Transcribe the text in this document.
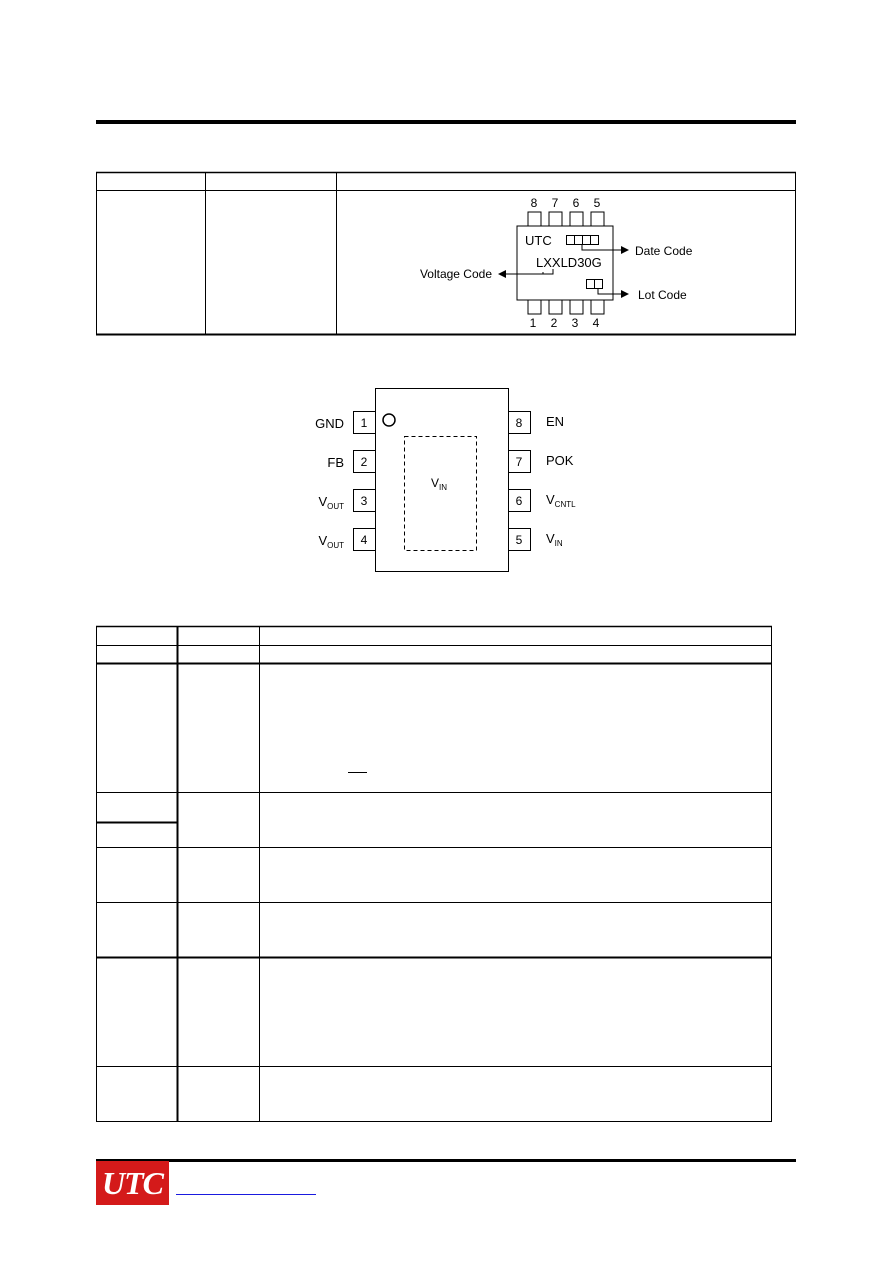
8 7 6 5
1 2 3 4
UTC
LXXLD30G
Date Code
Voltage Code
Lot Code
$V_{IN}$
1
2
3
4
8
7
6
5
GND
FB
$V_{OUT}$
$V_{OUT}$
EN
POK
$V_{CNTL}$
$V_{IN}$
UTC
